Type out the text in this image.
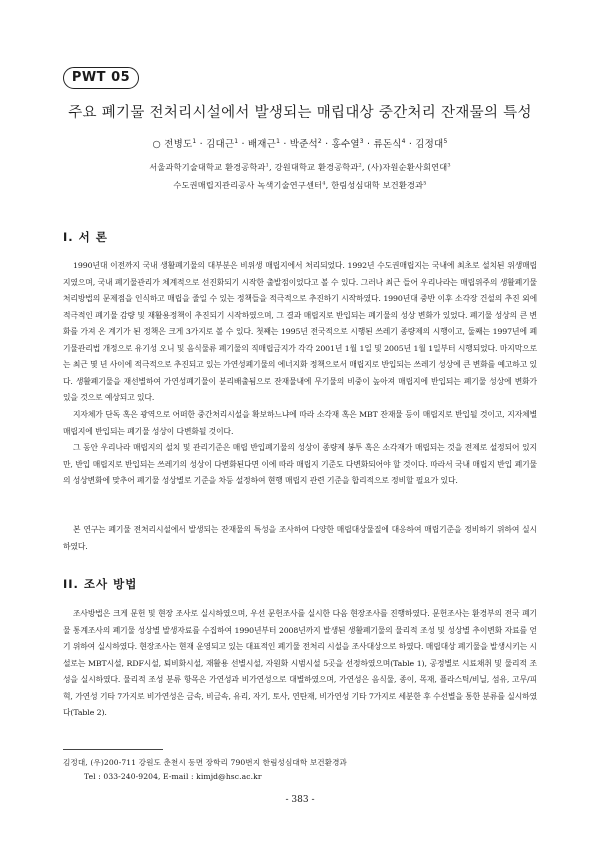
PWT 05
주요 폐기물 전처리시설에서 발생되는 매립대상 중간처리 잔재물의 특성
○ 전병도$^1$ · 김대근$^1$ · 배재근$^1$ · 박준석$^2$ · 홍수열$^3$ · 류돈식$^4$ · 김정대$^5$
서울과학기술대학교 환경공학과$^1$, 강원대학교 환경공학과$^2$, (사)자원순환사회연대$^3$
수도권매립지관리공사 녹색기술연구센터$^4$, 한림성심대학 보건환경과$^5$
I. 서 론

1990년대 이전까지 국내 생활폐기물의 대부분은 비위생 매립지에서 처리되었다. 1992년 수도권매립지는 국내에 최초로 설치된 위생매립지였으며, 국내 폐기물관리가 체계적으로 선진화되기 시작한 출발점이었다고 볼 수 있다. 그러나 최근 들어 우리나라는 매립위주의 생활폐기물 처리방법의 문제점을 인식하고 매립을 줄일 수 있는 정책들을 적극적으로 추진하기 시작하였다. 1990년대 중반 이후 소각장 건설의 추진 외에 적극적인 폐기물 감량 및 재활용정책이 추진되기 시작하였으며, 그 결과 매립지로 반입되는 폐기물의 성상 변화가 있었다. 폐기물 성상의 큰 변화를 가져 온 계기가 된 정책은 크게 3가지로 볼 수 있다. 첫째는 1995년 전국적으로 시행된 쓰레기 종량제의 시행이고, 둘째는 1997년에 폐기물관리법 개정으로 유기성 오니 및 음식물류 폐기물의 직매립금지가 각각 2001년 1월 1일 및 2005년 1월 1일부터 시행되었다. 마지막으로는 최근 몇 년 사이에 적극적으로 추진되고 있는 가연성폐기물의 에너지화 정책으로서 매립지로 반입되는 쓰레기 성상에 큰 변화를 예고하고 있다. 생활폐기물을 재선별하여 가연성폐기물이 분리배출됨으로 잔재물내에 무기물의 비중이 높아져 매립지에 반입되는 폐기물 성상에 변화가 있을 것으로 예상되고 있다.

지자체가 단독 혹은 광역으로 어떠한 중간처리시설을 확보하느냐에 따라 소각재 혹은 MBT 잔재물 등이 매립지로 반입될 것이고, 지자체별 매립지에 반입되는 폐기물 성상이 다변화될 것이다.

그 동안 우리나라 매립지의 설치 및 관리기준은 매립 반입폐기물의 성상이 종량제 봉투 혹은 소각재가 매립되는 것을 전제로 설정되어 있지만, 반입 매립지로 반입되는 쓰레기의 성상이 다변화된다면 이에 따라 매립지 기준도 다변화되어야 할 것이다. 따라서 국내 매립지 반입 폐기물의 성상변화에 맞추어 폐기물 성상별로 기준을 차등 설정하여 현행 매립지 관련 기준을 합리적으로 정비할 필요가 있다.

본 연구는 폐기물 전처리시설에서 발생되는 잔재물의 특성을 조사하여 다양한 매립대상물질에 대응하여 매립기준을 정비하기 위하여 실시하였다.

II. 조사 방법

조사방법은 크게 문헌 및 현장 조사로 실시하였으며, 우선 문헌조사를 실시한 다음 현장조사를 진행하였다. 문헌조사는 환경부의 전국 폐기물 통계조사의 폐기물 성상별 발생자료를 수집하여 1990년부터 2008년까지 발생된 생활폐기물의 물리적 조성 및 성상별 추이변화 자료를 얻기 위하여 실시하였다. 현장조사는 현재 운영되고 있는 대표적인 폐기물 전처리 시설을 조사대상으로 하였다. 매립대상 폐기물을 발생시키는 시설로는 MBT시설, RDF시설, 퇴비화시설, 재활용 선별시설, 자원화 시범시설 5곳을 선정하였으며(Table 1), 공정별로 시료채취 및 물리적 조성을 실시하였다. 물리적 조성 분류 항목은 가연성과 비가연성으로 대별하였으며, 가연성은 음식물, 종이, 목재, 플라스틱/비닐, 섬유, 고무/피혁, 가연성 기타 7가지로 비가연성은 금속, 비금속, 유리, 자기, 토사, 연탄재, 비가연성 기타 7가지로 세분한 후 수선별을 통한 분류를 실시하였다(Table 2).

김정대, (우)200-711 강원도 춘천시 동면 장학리 790번지 한림성심대학 보건환경과
Tel : 033-240-9204, E-mail : kimjd@hsc.ac.kr
- 383 -
